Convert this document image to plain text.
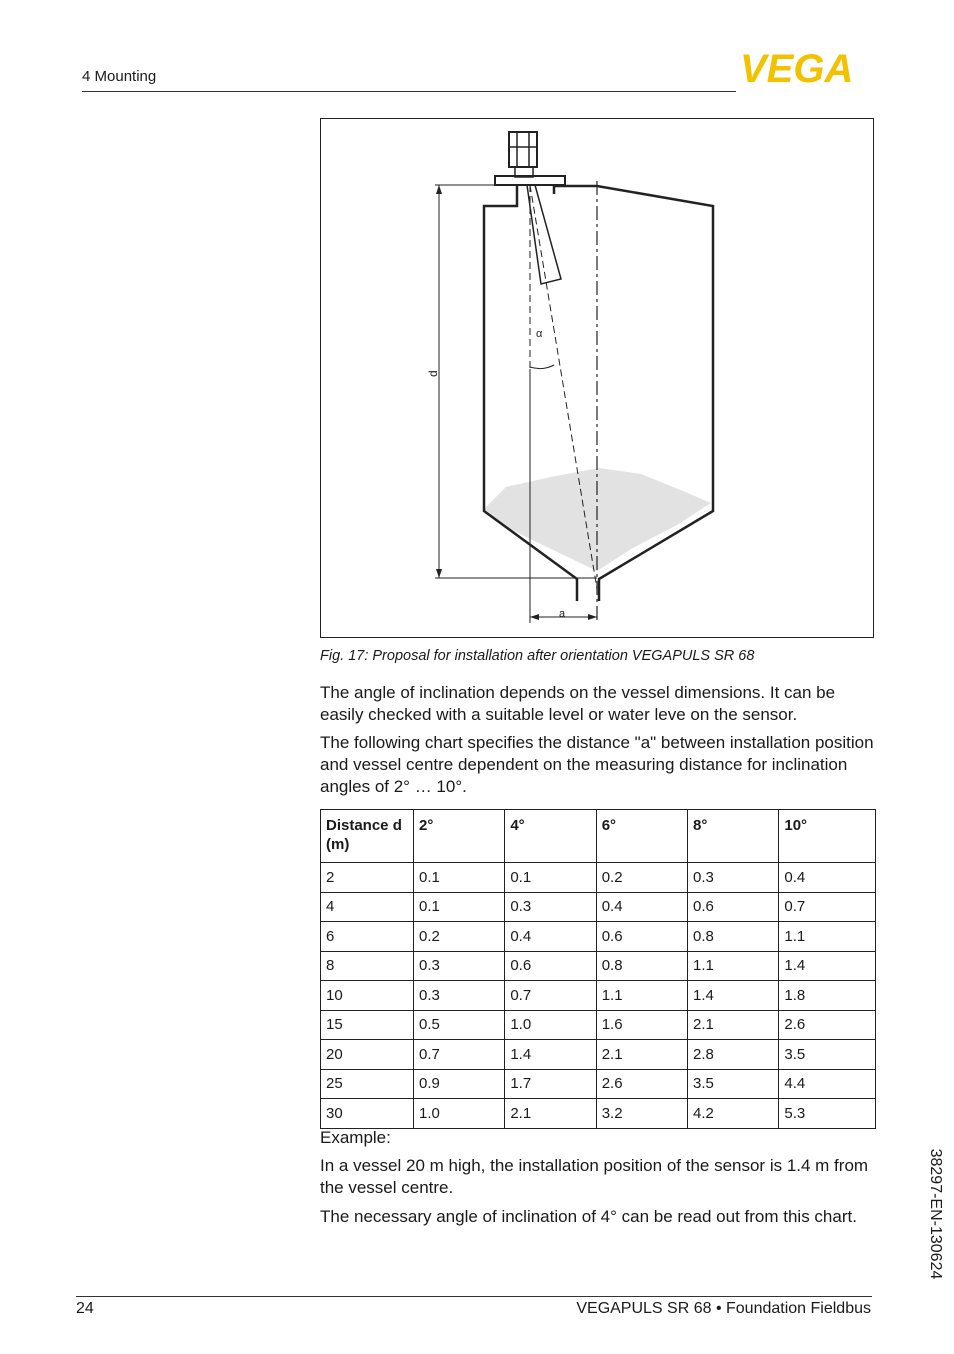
4 Mounting	VEGA
α
d
a
Fig. 17: Proposal for installation after orientation VEGAPULS SR 68
The angle of inclination depends on the vessel dimensions. It can be easily checked with a suitable level or water leve on the sensor.
The following chart specifies the distance "a" between installation position and vessel centre dependent on the measuring distance for inclination angles of 2° … 10°.
Distance d (m)	2°	4°	6°	8°	10°
2	0.1	0.1	0.2	0.3	0.4
4	0.1	0.3	0.4	0.6	0.7
6	0.2	0.4	0.6	0.8	1.1
8	0.3	0.6	0.8	1.1	1.4
10	0.3	0.7	1.1	1.4	1.8
15	0.5	1.0	1.6	2.1	2.6
20	0.7	1.4	2.1	2.8	3.5
25	0.9	1.7	2.6	3.5	4.4
30	1.0	2.1	3.2	4.2	5.3
Example:
In a vessel 20 m high, the installation position of the sensor is 1.4 m from the vessel centre.
The necessary angle of inclination of 4° can be read out from this chart.	38297-EN-130624
24	VEGAPULS SR 68 • Foundation Fieldbus
